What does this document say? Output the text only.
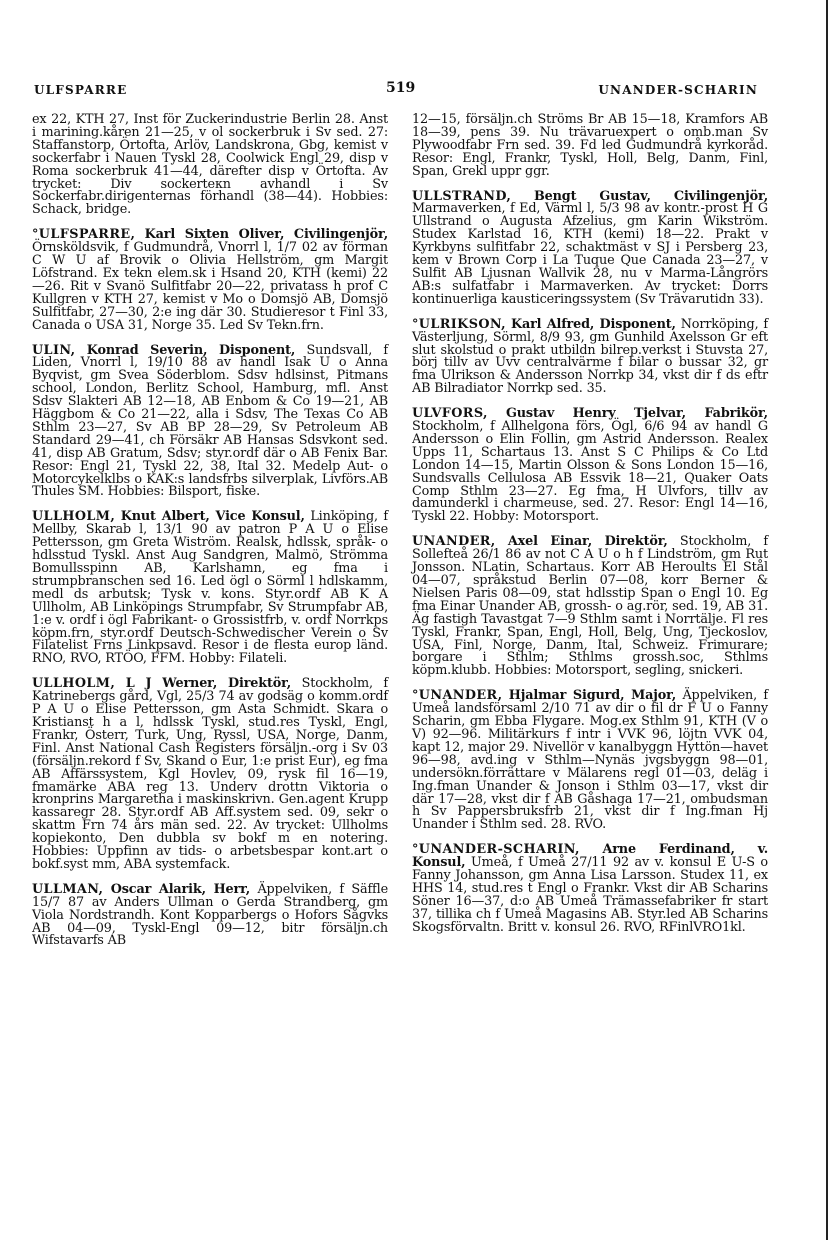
ULFSPARRE	519	UNANDER-SCHARIN

ex 22, KTH 27, Inst för Zuckerindustrie Berlin 28. Anst i marining.kåren 21—25, v ol sockerbruk i Sv sed. 27: Staffanstorp, Örtofta, Arlöv, Landskrona, Gbg, kemist v sockerfabr i Nauen Tyskl 28, Coolwick Engl 29, disp v Roma sockerbruk 41—44, därefter disp v Örtofta. Av trycket: Div sockerteкn avhandl i Sv Sockerfabr.dirigenternas förhandl (38—44). Hobbies: Schack, bridge.

°ULFSPARRE, Karl Sixten Oliver, Civilingenjör, Örnsköldsvik, f Gudmundrå, Vnorrl l, 1/7 02 av förman C W U af Brovik o Olivia Hellström, gm Margit Löfstrand. Ex tekn elem.sk i Hsand 20, KTH (kemi) 22—26. Rit v Svanö Sulfitfabr 20—22, privatass h prof C Kullgren v KTH 27, kemist v Mo o Domsjö AB, Domsjö Sulfitfabr, 27—30, 2:e ing där 30. Studieresor t Finl 33, Canada o USA 31, Norge 35. Led Sv Tekn.frn.

ULIN, Konrad Severin, Disponent, Sundsvall, f Liden, Vnorrl l, 19/10 88 av handl Isak U o Anna Byqvist, gm Svea Söderblom. Sdsv hdlsinst, Pitmans school, London, Berlitz School, Hamburg, mfl. Anst Sdsv Slakteri AB 12—18, AB Enbom & Co 19—21, AB Häggbom & Co 21—22, alla i Sdsv, The Texas Co AB Sthlm 23—27, Sv AB BP 28—29, Sv Petroleum AB Standard 29—41, ch Försäkr AB Hansas Sdsvkont sed. 41, disp AB Gratum, Sdsv; styr.ordf där o AB Fenix Bar. Resor: Engl 21, Tyskl 22, 38, Ital 32. Medelp Aut- o Motorcykelklbs o KAK:s landsfrbs silverplak, Livförs.AB Thules SM. Hobbies: Bilsport, fiske.

ULLHOLM, Knut Albert, Vice Konsul, Linköping, f Mellby, Skarab l, 13/1 90 av patron P A U o Elise Pettersson, gm Greta Wiström. Realsk, hdlssk, språk- o hdlsstud Tyskl. Anst Aug Sandgren, Malmö, Strömma Bomullsspinn AB, Karlshamn, eg fma i strumpbranschen sed 16. Led ögl o Sörml l hdlskamm, medl ds arbutsk; Tysk v. kons. Styr.ordf AB K A Ullholm, AB Linköpings Strumpfabr, Sv Strumpfabr AB, 1:e v. ordf i ögl Fabrikant- o Grossistfrb, v. ordf Norrkps köpm.frn, styr.ordf Deutsch-Schwedischer Verein o Sv Filatelist Frns Linkpsavd. Resor i de flesta europ länd. RNO, RVO, RTÖO, FFM. Hobby: Filateli.

ULLHOLM, L J Werner, Direktör, Stockholm, f Katrinebergs gård, Vgl, 25/3 74 av godsäg o komm.ordf P A U o Elise Pettersson, gm Asta Schmidt. Skara o Kristianst h a l, hdlssk Tyskl, stud.res Tyskl, Engl, Frankr, Österr, Turk, Ung, Ryssl, USA, Norge, Danm, Finl. Anst National Cash Registers försäljn.-org i Sv 03 (försäljn.rekord f Sv, Skand o Eur, 1:e prist Eur), eg fma AB Affärssystem, Kgl Hovlev, 09, rysk fil 16—19, fmamärke ABA reg 13. Underv drottn Viktoria o kronprins Margaretha i maskinskrivn. Gen.agent Krupp kassaregr 28. Styr.ordf AB Aff.system sed. 09, sekr o skattm Frn 74 års män sed. 22. Av trycket: Ullholms kopiekonto, Den dubbla sv bokf m en notering. Hobbies: Uppfinn av tids- o arbetsbespar kont.art o bokf.syst mm, ABA systemfack.

ULLMAN, Oscar Alarik, Herr, Äppelviken, f Säffle 15/7 87 av Anders Ullman o Gerda Strandberg, gm Viola Nordstrandh. Kont Kopparbergs o Hofors Sågvks AB 04—09, Tyskl-Engl 09—12, bitr försäljn.ch Wifstavarfs AB

12—15, försäljn.ch Ströms Br AB 15—18, Kramfors AB 18—39, pens 39. Nu trävaruexpert o omb.man Sv Plywoodfabr Frn sed. 39. Fd led Gudmundrå kyrkoråd. Resor: Engl, Frankr, Tyskl, Holl, Belg, Danm, Finl, Span, Grekl uppr ggr.

ULLSTRAND, Bengt Gustav, Civilingenjör, Marmaverken, f Ed, Värml l, 5/3 98 av kontr.-prost H G Ullstrand o Augusta Afzelius, gm Karin Wikström. Studex Karlstad 16, KTH (kemi) 18—22. Prakt v Kyrkbyns sulfitfabr 22, schaktmäst v SJ i Persberg 23, kem v Brown Corp i La Tuque Que Canada 23—27, v Sulfit AB Ljusnan Wallvik 28, nu v Marma-Långrörs AB:s sulfatfabr i Marmaverken. Av trycket: Dorrs kontinuerliga kausticeringssystem (Sv Trävarutidn 33).

°ULRIKSON, Karl Alfred, Disponent, Norrköping, f Västerljung, Sörml, 8/9 93, gm Gunhild Axelsson Gr eft slut skolstud o prakt utbildn bilrep.verkst i Stuvsta 27, börj tillv av Uvv centralvärme f bilar o bussar 32, gr fma Ulrikson & Andersson Norrkp 34, vkst dir f ds eftr AB Bilradiator Norrkp sed. 35.

ULVFORS, Gustav Henry Tjelvar, Fabrikör, Stockholm, f Allhelgona förs, Ögl, 6/6 94 av handl G Andersson o Elin Follin, gm Astrid Andersson. Realex Upps 11, Schartaus 13. Anst S C Philips & Co Ltd London 14—15, Martin Olsson & Sons London 15—16, Sundsvalls Cellulosa AB Essvik 18—21, Quaker Oats Comp Sthlm 23—27. Eg fma, H Ulvfors, tillv av damunderkl i charmeuse, sed. 27. Resor: Engl 14—16, Tyskl 22. Hobby: Motorsport.

UNANDER, Axel Einar, Direktör, Stockholm, f Sollefteå 26/1 86 av not C A U o h f Lindström, gm Rut Jonsson. NLatin, Schartaus. Korr AB Heroults El Stål 04—07, språkstud Berlin 07—08, korr Berner & Nielsen Paris 08—09, stat hdlsstip Span o Engl 10. Eg fma Einar Unander AB, grossh- o ag.rör, sed. 19, AB 31. Äg fastigh Tavastgat 7—9 Sthlm samt i Norrtälje. Fl res Tyskl, Frankr, Span, Engl, Holl, Belg, Ung, Tjeckoslov, USA, Finl, Norge, Danm, Ital, Schweiz. Frimurare; borgare i Sthlm; Sthlms grossh.soc, Sthlms köpm.klubb. Hobbies: Motorsport, segling, snickeri.

°UNANDER, Hjalmar Sigurd, Major, Äppelviken, f Umeå landsförsaml 2/10 71 av dir o fil dr F U o Fanny Scharin, gm Ebba Flygare. Mog.ex Sthlm 91, KTH (V o V) 92—96. Militärkurs f intr i VVK 96, löjtn VVK 04, kapt 12, major 29. Nivellör v kanalbyggn Hyttön—havet 96—98, avd.ing v Sthlm—Nynäs jvgsbyggn 98—01, undersökn.förrättare v Mälarens regl 01—03, deläg i Ing.fman Unander & Jonson i Sthlm 03—17, vkst dir där 17—28, vkst dir f AB Gåshaga 17—21, ombudsman h Sv Pappersbruksfrb 21, vkst dir f Ing.fman Hj Unander i Sthlm sed. 28. RVO.

°UNANDER-SCHARIN, Arne Ferdinand, v. Konsul, Umeå, f Umeå 27/11 92 av v. konsul E U-S o Fanny Johansson, gm Anna Lisa Larsson. Studex 11, ex HHS 14, stud.res t Engl o Frankr. Vkst dir AB Scharins Söner 16—37, d:o AB Umeå Trämassefabriker fr start 37, tillika ch f Umeå Magasins AB. Styr.led AB Scharins Skogsförvaltn. Britt v. konsul 26. RVO, RFinlVRO1kl.
